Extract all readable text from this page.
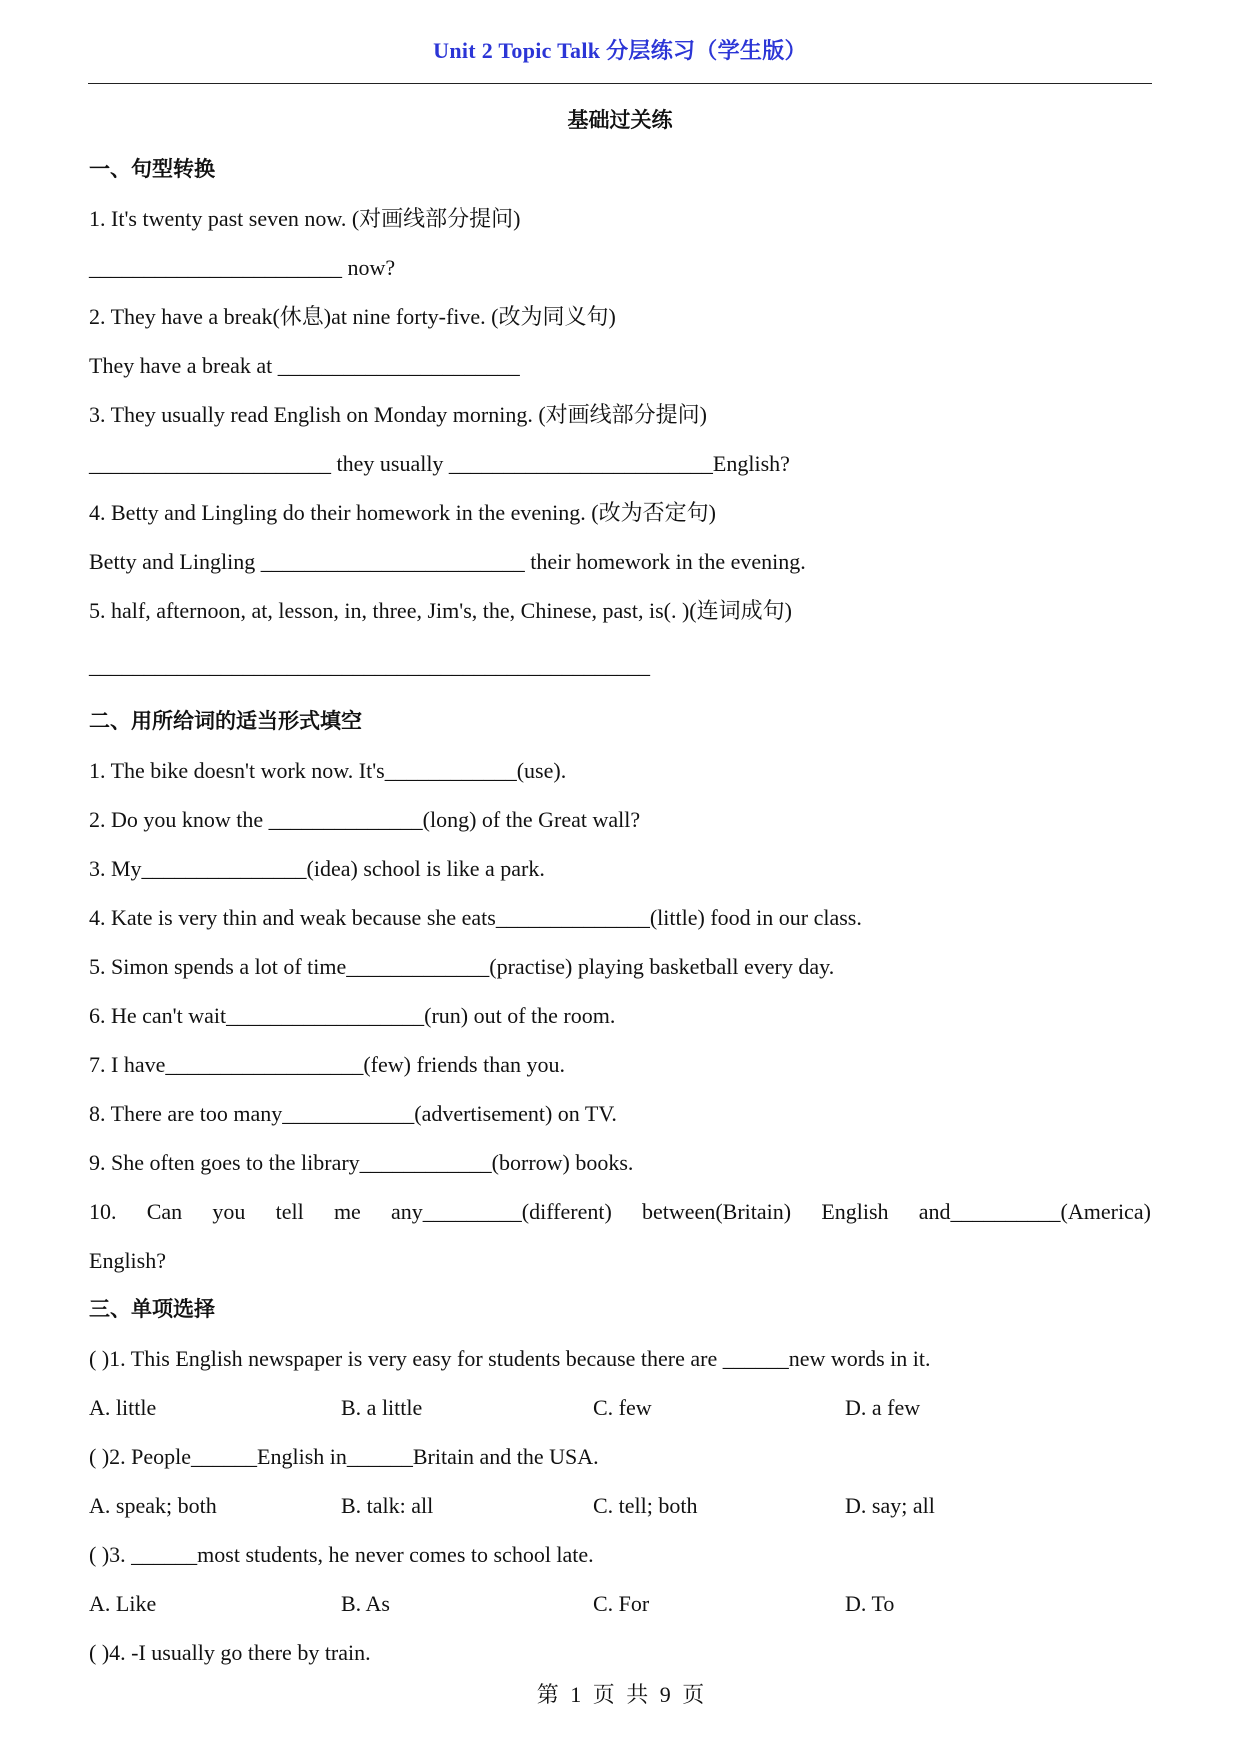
Unit 2 Topic Talk 分层练习（学生版）
基础过关练
一、句型转换
1. It's twenty past seven now. (对画线部分提问)
_______________________ now?
2. They have a break(休息)at nine forty-five. (改为同义句)
They have a break at ______________________
3. They usually read English on Monday morning. (对画线部分提问)
______________________ they usually ________________________English?
4. Betty and Lingling do their homework in the evening. (改为否定句)
Betty and Lingling ________________________ their homework in the evening.
5. half, afternoon, at, lesson, in, three, Jim's, the, Chinese, past, is(. )(连词成句)
___________________________________________________
二、用所给词的适当形式填空
1. The bike doesn't work now. It's____________(use).
2. Do you know the ______________(long) of the Great wall?
3. My_______________(idea) school is like a park.
4. Kate is very thin and weak because she eats______________(little) food in our class.
5. Simon spends a lot of time_____________(practise) playing basketball every day.
6. He can't wait__________________(run) out of the room.
7. I have__________________(few) friends than you.
8. There are too many____________(advertisement) on TV.
9. She often goes to the library____________(borrow) books.
10. Can you tell me any_________(different) between(Britain) English and__________(America)
English?
三、单项选择
( )1. This English newspaper is very easy for students because there are ______new words in it.
A. little	B. a little	C. few	D. a few
( )2. People______English in______Britain and the USA.
A. speak; both	B. talk: all	C. tell; both	D. say; all
( )3. ______most students, he never comes to school late.
A. Like	B. As	C. For	D. To
( )4. -I usually go there by train.
第 1 页 共 9 页
